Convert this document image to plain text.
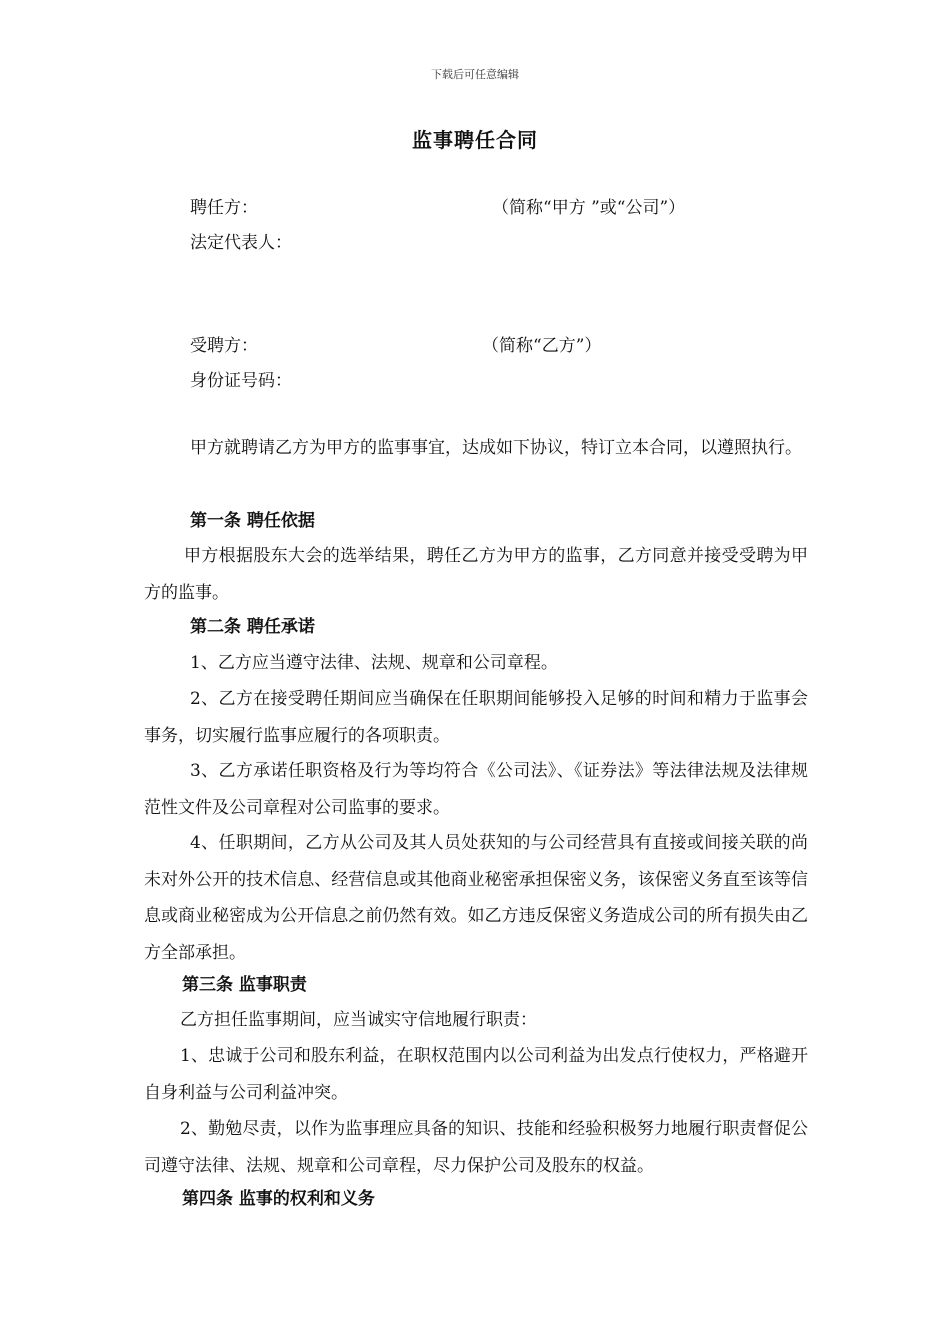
下载后可任意编辑
监事聘任合同
聘任方：	（简称“甲方 ”或“公司”）
法定代表人：
受聘方：	（简称“乙方”）
身份证号码：
甲方就聘请乙方为甲方的监事事宜，达成如下协议，特订立本合同，以遵照执行。
第一条 聘任依据
甲方根据股东大会的选举结果，聘任乙方为甲方的监事，乙方同意并接受受聘为甲方的监事。
第二条 聘任承诺
1、乙方应当遵守法律、法规、规章和公司章程。
2、乙方在接受聘任期间应当确保在任职期间能够投入足够的时间和精力于监事会事务，切实履行监事应履行的各项职责。
3、乙方承诺任职资格及行为等均符合《公司法》、《证券法》等法律法规及法律规范性文件及公司章程对公司监事的要求。
4、任职期间，乙方从公司及其人员处获知的与公司经营具有直接或间接关联的尚未对外公开的技术信息、经营信息或其他商业秘密承担保密义务，该保密义务直至该等信息或商业秘密成为公开信息之前仍然有效。如乙方违反保密义务造成公司的所有损失由乙方全部承担。
第三条 监事职责
乙方担任监事期间，应当诚实守信地履行职责：
1、忠诚于公司和股东利益，在职权范围内以公司利益为出发点行使权力，严格避开自身利益与公司利益冲突。
2、勤勉尽责，以作为监事理应具备的知识、技能和经验积极努力地履行职责督促公司遵守法律、法规、规章和公司章程，尽力保护公司及股东的权益。
第四条 监事的权利和义务
